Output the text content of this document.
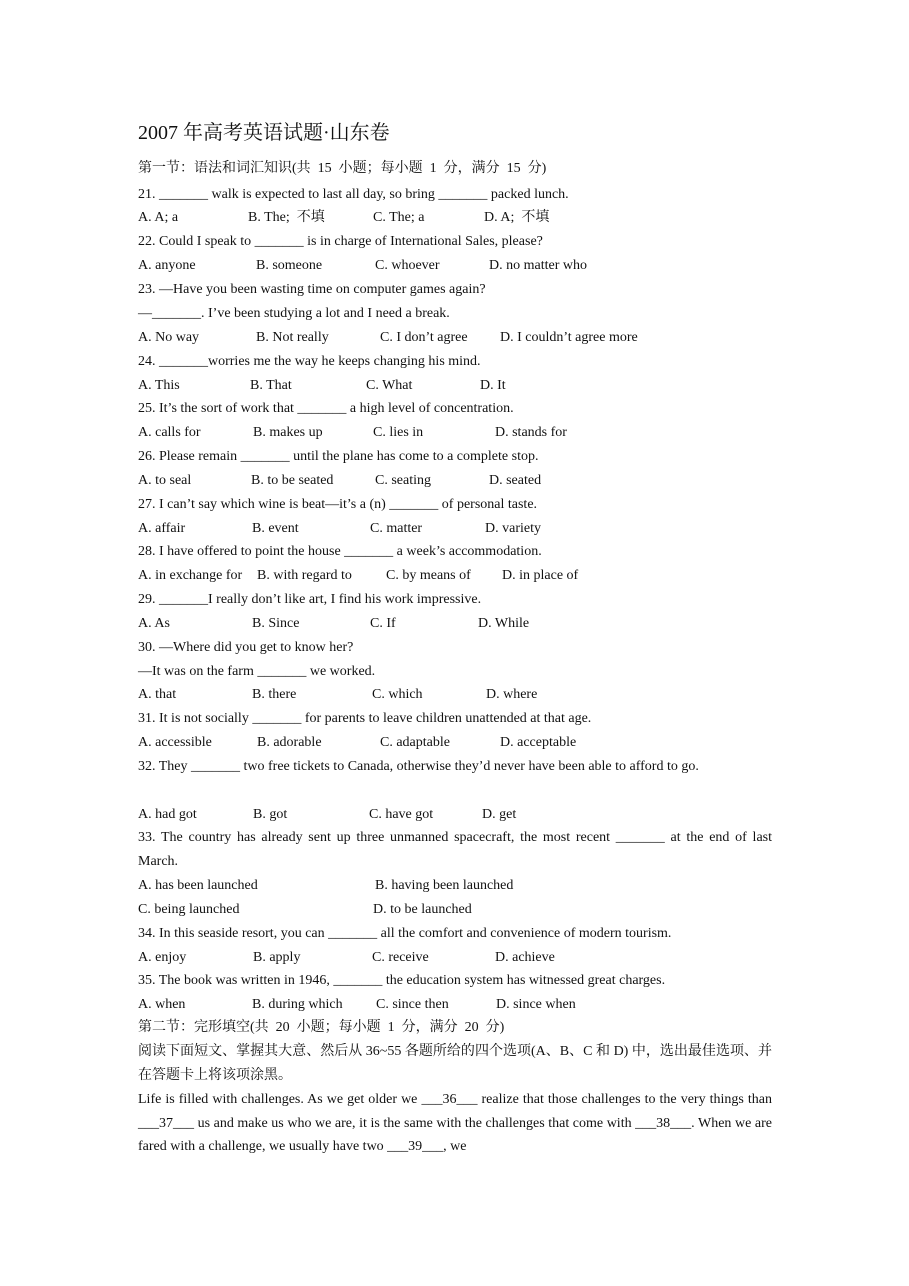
2007 年高考英语试题·山东卷
第一节：语法和词汇知识(共  15  小题；每小题  1  分，满分  15  分)
21. _______ walk is expected to last all day, so bring _______ packed lunch.
A. A; a	B. The;  不填	C. The; a	D. A;  不填
22. Could I speak to _______ is in charge of International Sales, please?
A. anyone	B. someone	C. whoever	D. no matter who
23. —Have you been wasting time on computer games again?
—_______. I’ve been studying a lot and I need a break.
A. No way	B. Not really	C. I don’t agree D. I couldn’t agree more
24. _______worries me the way he keeps changing his mind.
A. This	B. That	C. What	D. It
25. It’s the sort of work that _______ a high level of concentration.
A. calls for	B. makes up	C. lies in	D. stands for
26. Please remain _______ until the plane has come to a complete stop.
A. to seal	B. to be seated	C. seating	D. seated
27. I can’t say which wine is beat—it’s a (n) _______ of personal taste.
A. affair	B. event	C. matter	D. variety
28. I have offered to point the house _______ a week’s accommodation.
A. in exchange for B. with regard to C. by means of D. in place of
29. _______I really don’t like art, I find his work impressive.
A. As	B. Since	C. If	D. While
30. —Where did you get to know her?
—It was on the farm _______ we worked.
A. that	B. there	C. which	D. where
31. It is not socially _______ for parents to leave children unattended at that age.
A. accessible	B. adorable	C. adaptable	D. acceptable
32. They _______ two free tickets to Canada, otherwise they’d never have been able to afford to go.
A. had got	B. got	C. have got	D. get
33. The country has already sent up three unmanned spacecraft, the most recent _______ at the end of last March.
A. has been launched	B. having been launched
C. being launched	D. to be launched
34. In this seaside resort, you can _______ all the comfort and convenience of modern tourism.
A. enjoy	B. apply	C. receive	D. achieve
35. The book was written in 1946, _______ the education system has witnessed great charges.
A. when	B. during which C. since then	D. since when
第二节：完形填空(共  20  小题；每小题  1  分，满分  20  分)
阅读下面短文、掌握其大意、然后从 36~55 各题所给的四个选项(A、B、C 和 D) 中，选出最佳选项、并在答题卡上将该项涂黑。
Life is filled with challenges. As we get older we ___36___ realize that those challenges to the very things than ___37___ us and make us who we are, it is the same with the challenges that come with ___38___. When we are fared with a challenge, we usually have two ___39___, we
